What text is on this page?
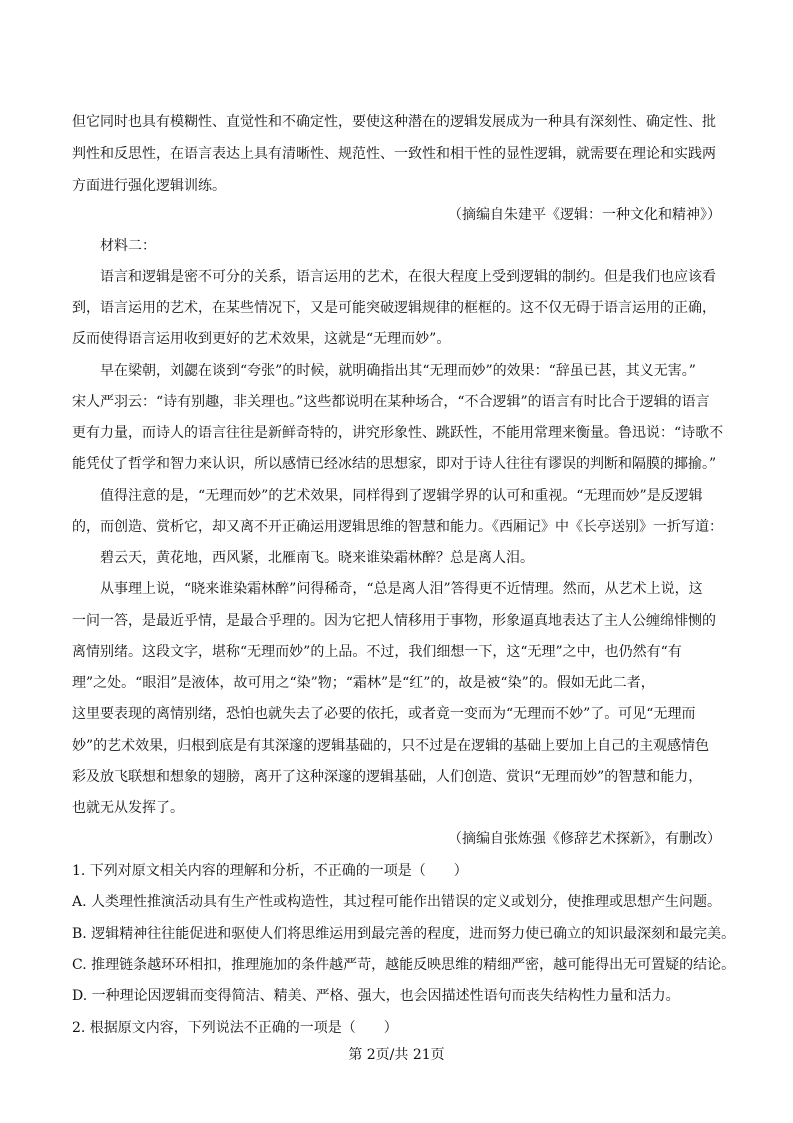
但它同时也具有模糊性、直觉性和不确定性，要使这种潜在的逻辑发展成为一种具有深刻性、确定性、批
判性和反思性，在语言表达上具有清晰性、规范性、一致性和相干性的显性逻辑，就需要在理论和实践两
方面进行强化逻辑训练。
（摘编自朱建平《逻辑：一种文化和精神》）
材料二：
语言和逻辑是密不可分的关系，语言运用的艺术，在很大程度上受到逻辑的制约。但是我们也应该看
到，语言运用的艺术，在某些情况下，又是可能突破逻辑规律的框框的。这不仅无碍于语言运用的正确，
反而使得语言运用收到更好的艺术效果，这就是“无理而妙”。
早在梁朝，刘勰在谈到“夸张”的时候，就明确指出其“无理而妙”的效果：“辞虽已甚，其义无害。”
宋人严羽云：“诗有别趣，非关理也。”这些都说明在某种场合，“不合逻辑”的语言有时比合于逻辑的语言
更有力量，而诗人的语言往往是新鲜奇特的，讲究形象性、跳跃性，不能用常理来衡量。鲁迅说：“诗歌不
能凭仗了哲学和智力来认识，所以感情已经冰结的思想家，即对于诗人往往有谬误的判断和隔膜的揶揄。”
值得注意的是，“无理而妙”的艺术效果，同样得到了逻辑学界的认可和重视。“无理而妙”是反逻辑
的，而创造、赏析它，却又离不开正确运用逻辑思维的智慧和能力。《西厢记》中《长亭送别》一折写道：
碧云天，黄花地，西风紧，北雁南飞。晓来谁染霜林醉？总是离人泪。
从事理上说，“晓来谁染霜林醉”问得稀奇，“总是离人泪”答得更不近情理。然而，从艺术上说，这
一问一答，是最近乎情，是最合乎理的。因为它把人情移用于事物，形象逼真地表达了主人公缠绵悱恻的
离情别绪。这段文字，堪称“无理而妙”的上品。不过，我们细想一下，这“无理”之中，也仍然有“有
理”之处。“眼泪”是液体，故可用之“染”物；“霜林”是“红”的，故是被“染”的。假如无此二者，
这里要表现的离情别绪，恐怕也就失去了必要的依托，或者竟一变而为“无理而不妙”了。可见“无理而
妙”的艺术效果，归根到底是有其深邃的逻辑基础的，只不过是在逻辑的基础上要加上自己的主观感情色
彩及放飞联想和想象的翅膀，离开了这种深邃的逻辑基础，人们创造、赏识“无理而妙”的智慧和能力，
也就无从发挥了。
（摘编自张炼强《修辞艺术探新》，有删改）
1. 下列对原文相关内容的理解和分析，不正确的一项是（　　）
A. 人类理性推演活动具有生产性或构造性，其过程可能作出错误的定义或划分，使推理或思想产生问题。
B. 逻辑精神往往能促进和驱使人们将思维运用到最完善的程度，进而努力使已确立的知识最深刻和最完美。
C. 推理链条越环环相扣，推理施加的条件越严苛，越能反映思维的精细严密，越可能得出无可置疑的结论。
D. 一种理论因逻辑而变得简洁、精美、严格、强大，也会因描述性语句而丧失结构性力量和活力。
2. 根据原文内容，下列说法不正确的一项是（　　）
第 2页/共 21页
